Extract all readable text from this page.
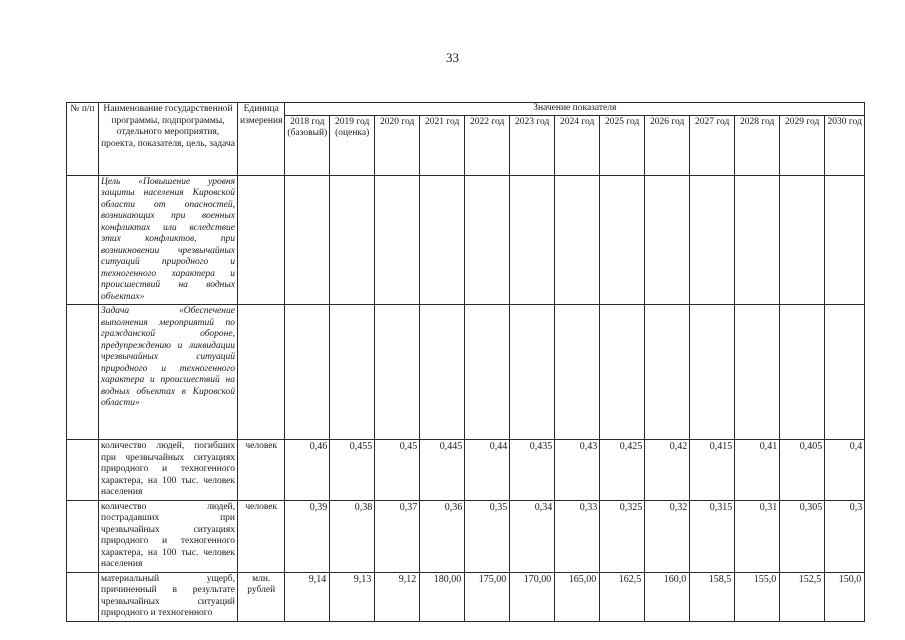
33
№ п/п	Наименование государственной программы, подпрограммы, отдельного мероприятия, проекта, показателя, цель, задача	Единица измерения	Значение показателя												
			2018 год (базовый)	2019 год (оценка)	2020 год	2021 год	2022 год	2023 год	2024 год	2025 год	2026 год	2027 год	2028 год	2029 год	2030 год
	Цель «Повышение уровня защиты населения Кировской области от опасностей, возникающих при военных конфликтах или вследствие этих конфликтов, при возникновении чрезвычайных ситуаций природного и техногенного характера и происшествий на водных объектах»														
	Задача «Обеспечение выполнения мероприятий по гражданской обороне, предупреждению и ликвидации чрезвычайных ситуаций природного и техногенного характера и происшествий на водных объектах в Кировской области»														
	количество людей, погибших при чрезвычайных ситуациях природного и техногенного характера, на 100 тыс. человек населения	человек	0,46	0,455	0,45	0,445	0,44	0,435	0,43	0,425	0,42	0,415	0,41	0,405	0,4
	количество людей, пострадавших при чрезвычайных ситуациях природного и техногенного характера, на 100 тыс. человек населения	человек	0,39	0,38	0,37	0,36	0,35	0,34	0,33	0,325	0,32	0,315	0,31	0,305	0,3
	материальный ущерб, причиненный в результате чрезвычайных ситуаций природного и техногенного	млн. рублей	9,14	9,13	9,12	180,00	175,00	170,00	165,00	162,5	160,0	158,5	155,0	152,5	150,0
